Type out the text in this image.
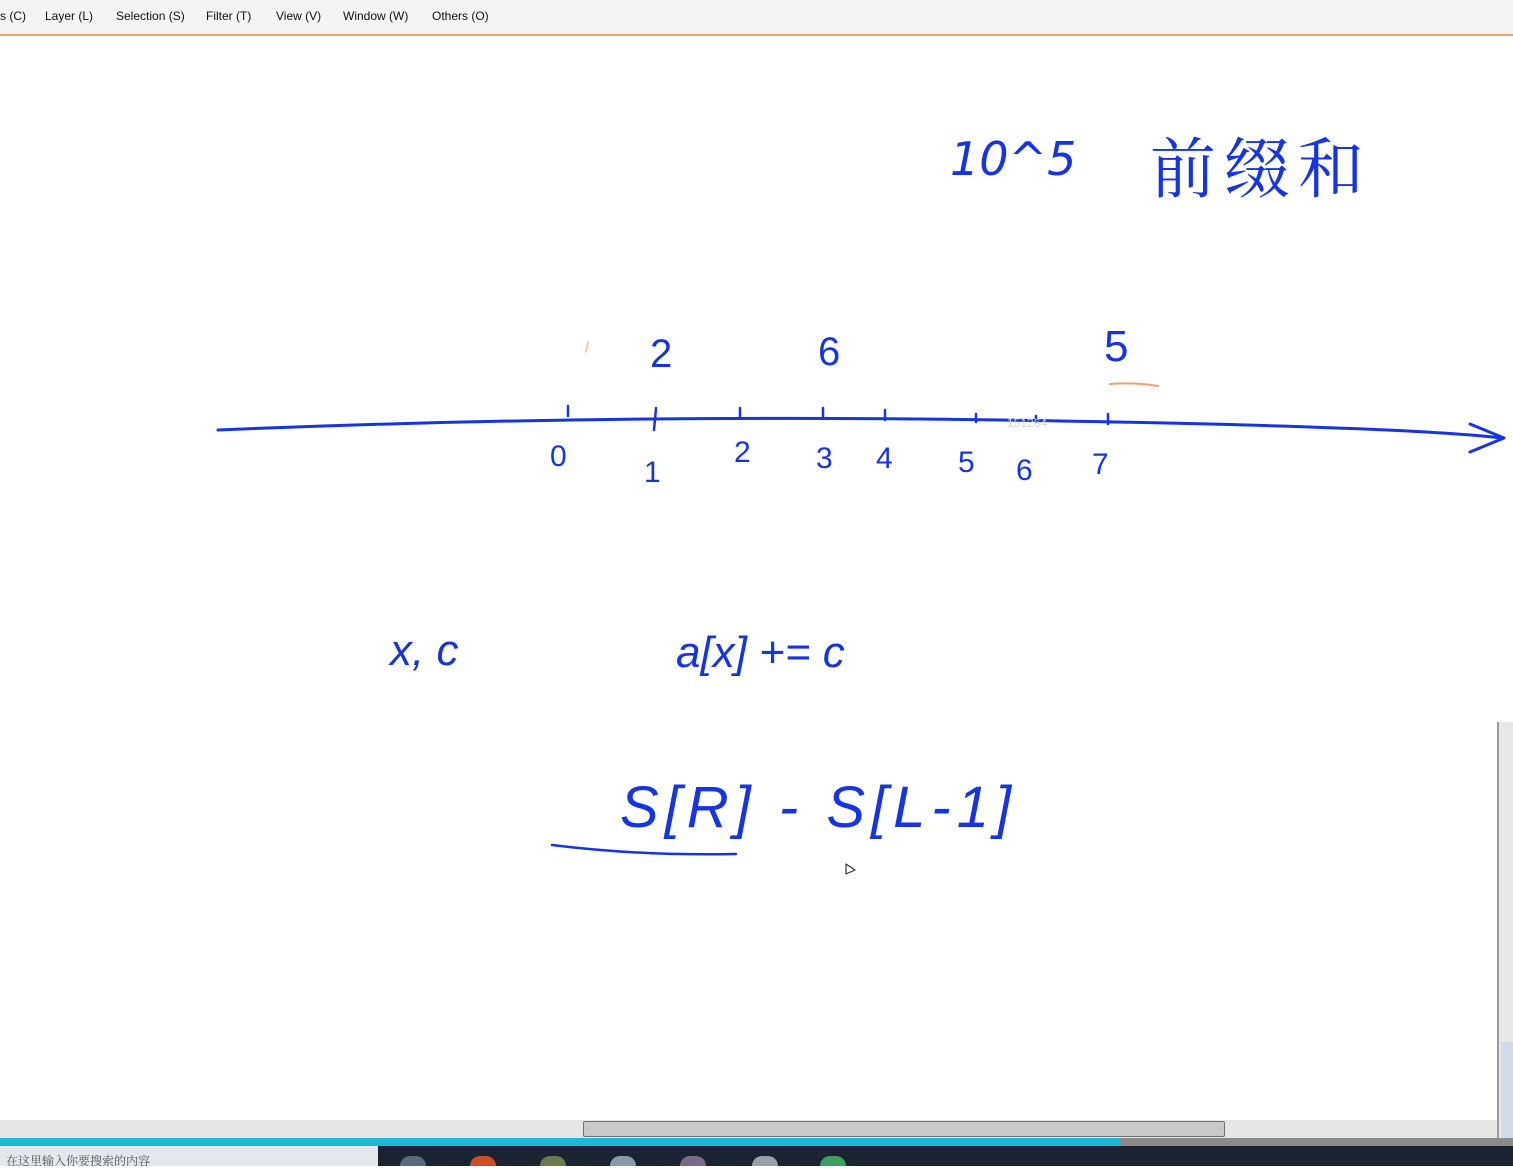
s (C) Layer (L) Selection (S) Filter (T) View (V) Window (W) Others (O)
10^5 前缀和
2	6	5
0	1
2 3 4 5 6 7
151264
x, c	a[x] += c
S[R] - S[L-1]
在这里输入你要搜索的内容
